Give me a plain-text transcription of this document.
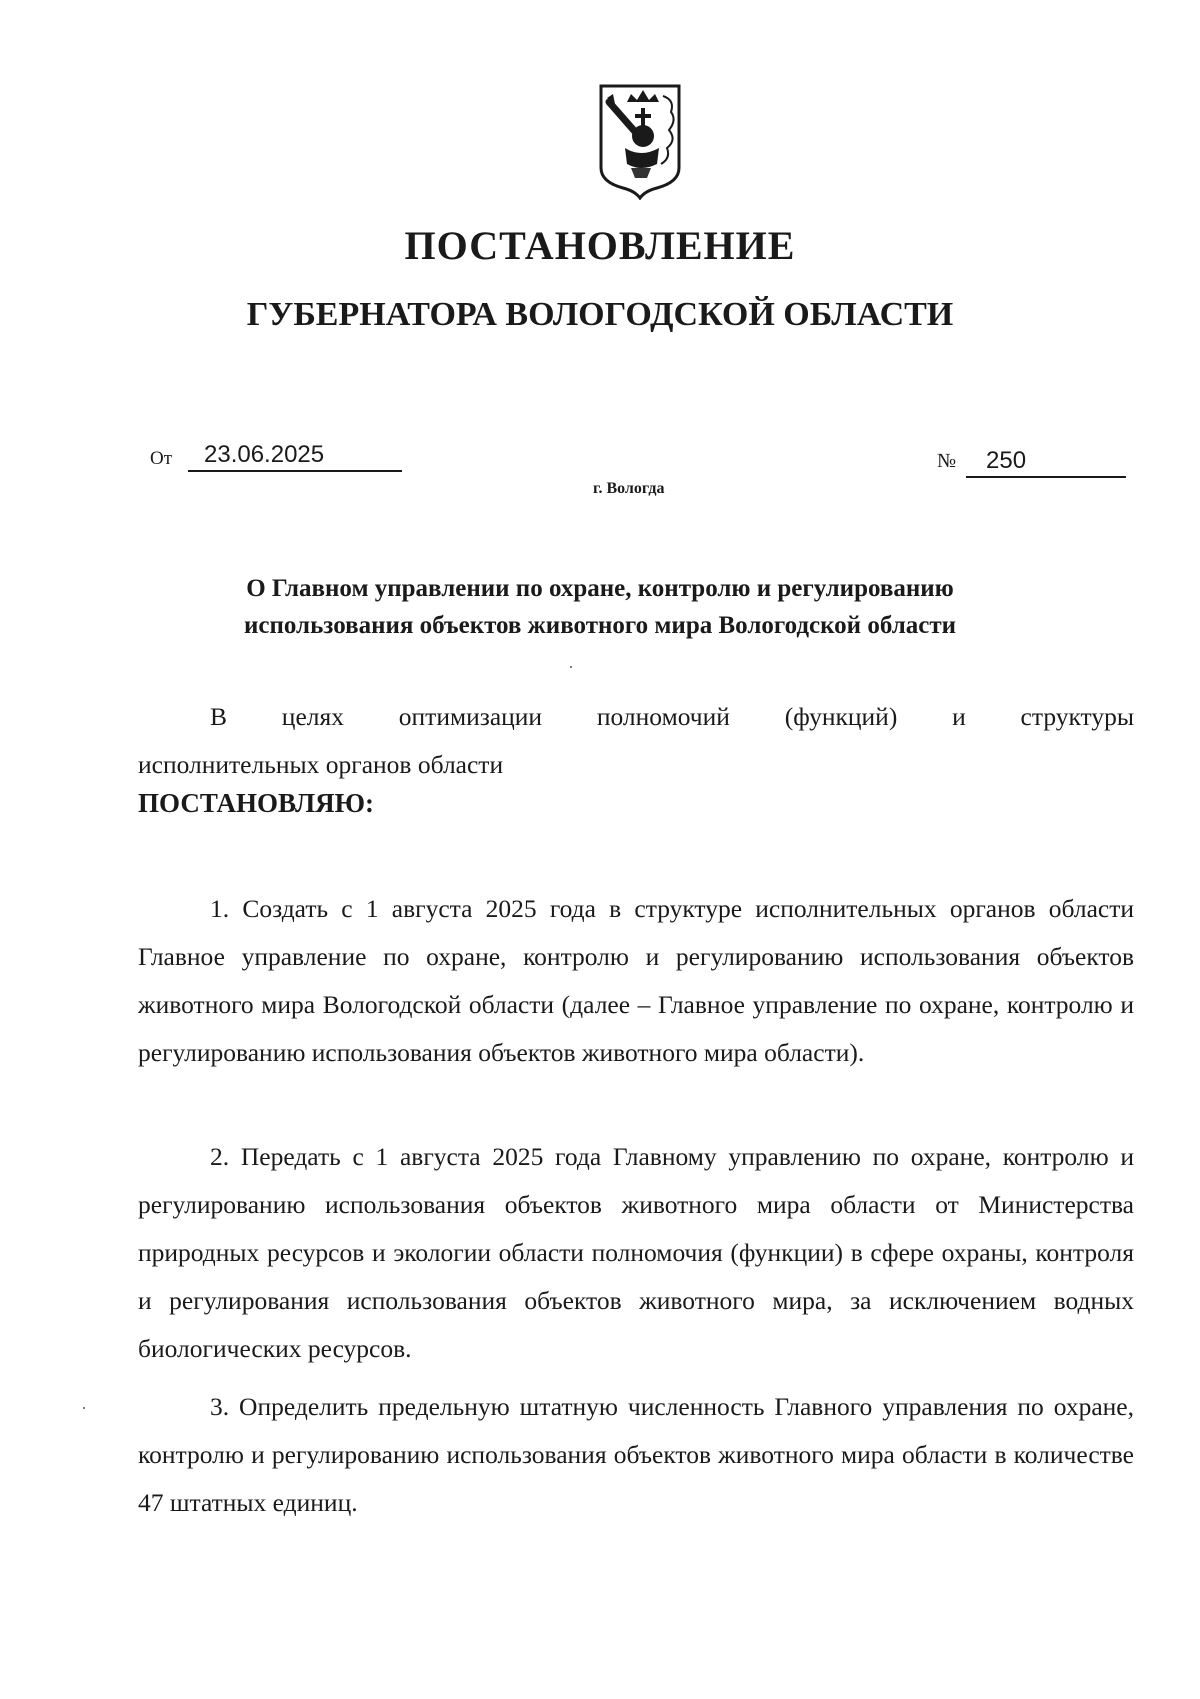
ПОСТАНОВЛЕНИЕ
ГУБЕРНАТОРА ВОЛОГОДСКОЙ ОБЛАСТИ
От	23.06.2025	№	250
г. Вологда
О Главном управлении по охране, контролю и регулированию
использования объектов животного мира Вологодской области
В целях оптимизации полномочий (функций) и структуры
исполнительных органов области
ПОСТАНОВЛЯЮ:
1. Создать с 1 августа 2025 года в структуре исполнительных органов области Главное управление по охране, контролю и регулированию использования объектов животного мира Вологодской области (далее – Главное управление по охране, контролю и регулированию использования объектов животного мира области).
2. Передать с 1 августа 2025 года Главному управлению по охране, контролю и регулированию использования объектов животного мира области от Министерства природных ресурсов и экологии области полномочия (функции) в сфере охраны, контроля и регулирования использования объектов животного мира, за исключением водных биологических ресурсов.
3. Определить предельную штатную численность Главного управления по охране, контролю и регулированию использования объектов животного мира области в количестве 47 штатных единиц.
